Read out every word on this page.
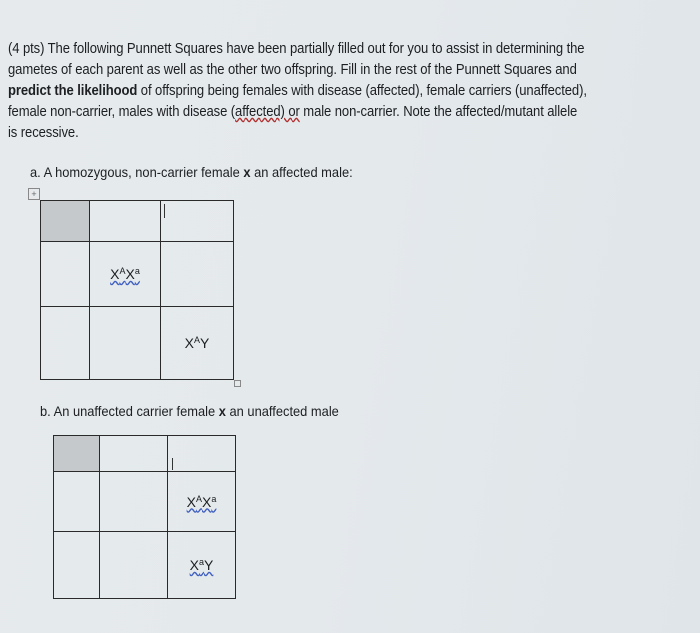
(4 pts) The following Punnett Squares have been partially filled out for you to assist in determining the
gametes of each parent as well as the other two offspring. Fill in the rest of the Punnett Squares and
predict the likelihood of offspring being females with disease (affected), female carriers (unaffected),
female non-carrier, males with disease (affected) or male non-carrier. Note the affected/mutant allele
is recessive.
a. A homozygous, non-carrier female x an affected male:
+

	$X^AX^a$	
		$X^AY$
b. An unaffected carrier female x an unaffected male

		$X^AX^a$
		$X^aY$
